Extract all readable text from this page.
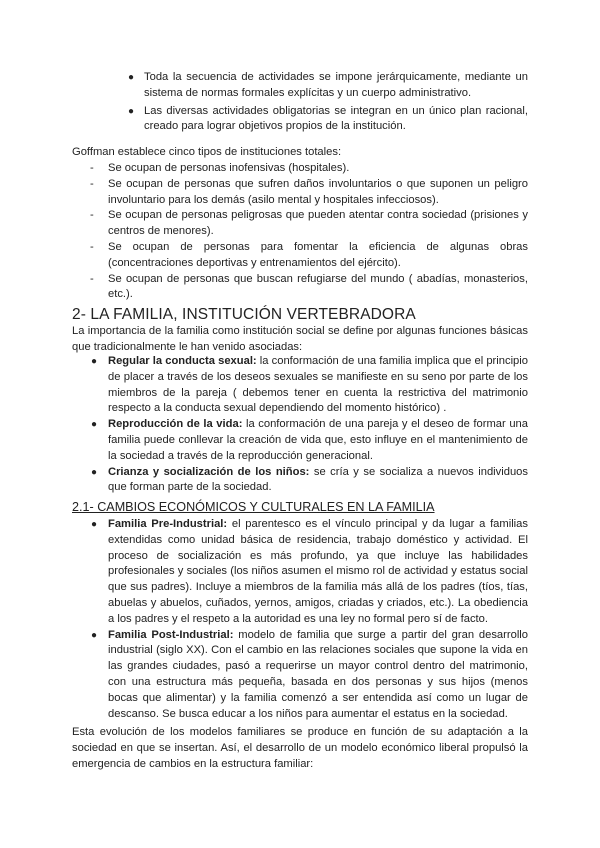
● Toda la secuencia de actividades se impone jerárquicamente, mediante un sistema de normas formales explícitas y un cuerpo administrativo.
● Las diversas actividades obligatorias se integran en un único plan racional, creado para lograr objetivos propios de la institución.
Goffman establece cinco tipos de instituciones totales:
- Se ocupan de personas inofensivas (hospitales).
- Se ocupan de personas que sufren daños involuntarios o que suponen un peligro involuntario para los demás (asilo mental y hospitales infecciosos).
- Se ocupan de personas peligrosas que pueden atentar contra sociedad (prisiones y centros de menores).
- Se ocupan de personas para fomentar la eficiencia de algunas obras (concentraciones deportivas y entrenamientos del ejército).
- Se ocupan de personas que buscan refugiarse del mundo ( abadías, monasterios, etc.).
2- LA FAMILIA, INSTITUCIÓN VERTEBRADORA
La importancia de la familia como institución social se define por algunas funciones básicas que tradicionalmente le han venido asociadas:
● Regular la conducta sexual: la conformación de una familia implica que el principio de placer a través de los deseos sexuales se manifieste en su seno por parte de los miembros de la pareja ( debemos tener en cuenta la restrictiva del matrimonio respecto a la conducta sexual dependiendo del momento histórico) .
● Reproducción de la vida: la conformación de una pareja y el deseo de formar una familia puede conllevar la creación de vida que, esto influye en el mantenimiento de la sociedad a través de la reproducción generacional.
● Crianza y socialización de los niños: se cría y se socializa a nuevos individuos que forman parte de la sociedad.
2.1- CAMBIOS ECONÓMICOS Y CULTURALES EN LA FAMILIA
● Familia Pre-Industrial: el parentesco es el vínculo principal y da lugar a familias extendidas como unidad básica de residencia, trabajo doméstico y actividad. El proceso de socialización es más profundo, ya que incluye las habilidades profesionales y sociales (los niños asumen el mismo rol de actividad y estatus social que sus padres). Incluye a miembros de la familia más allá de los padres (tíos, tías, abuelas y abuelos, cuñados, yernos, amigos, criadas y criados, etc.). La obediencia a los padres y el respeto a la autoridad es una ley no formal pero sí de facto.
● Familia Post-Industrial: modelo de familia que surge a partir del gran desarrollo industrial (siglo XX). Con el cambio en las relaciones sociales que supone la vida en las grandes ciudades, pasó a requerirse un mayor control dentro del matrimonio, con una estructura más pequeña, basada en dos personas y sus hijos (menos bocas que alimentar) y la familia comenzó a ser entendida así como un lugar de descanso. Se busca educar a los niños para aumentar el estatus en la sociedad.
Esta evolución de los modelos familiares se produce en función de su adaptación a la sociedad en que se insertan. Así, el desarrollo de un modelo económico liberal propulsó la emergencia de cambios en la estructura familiar:
